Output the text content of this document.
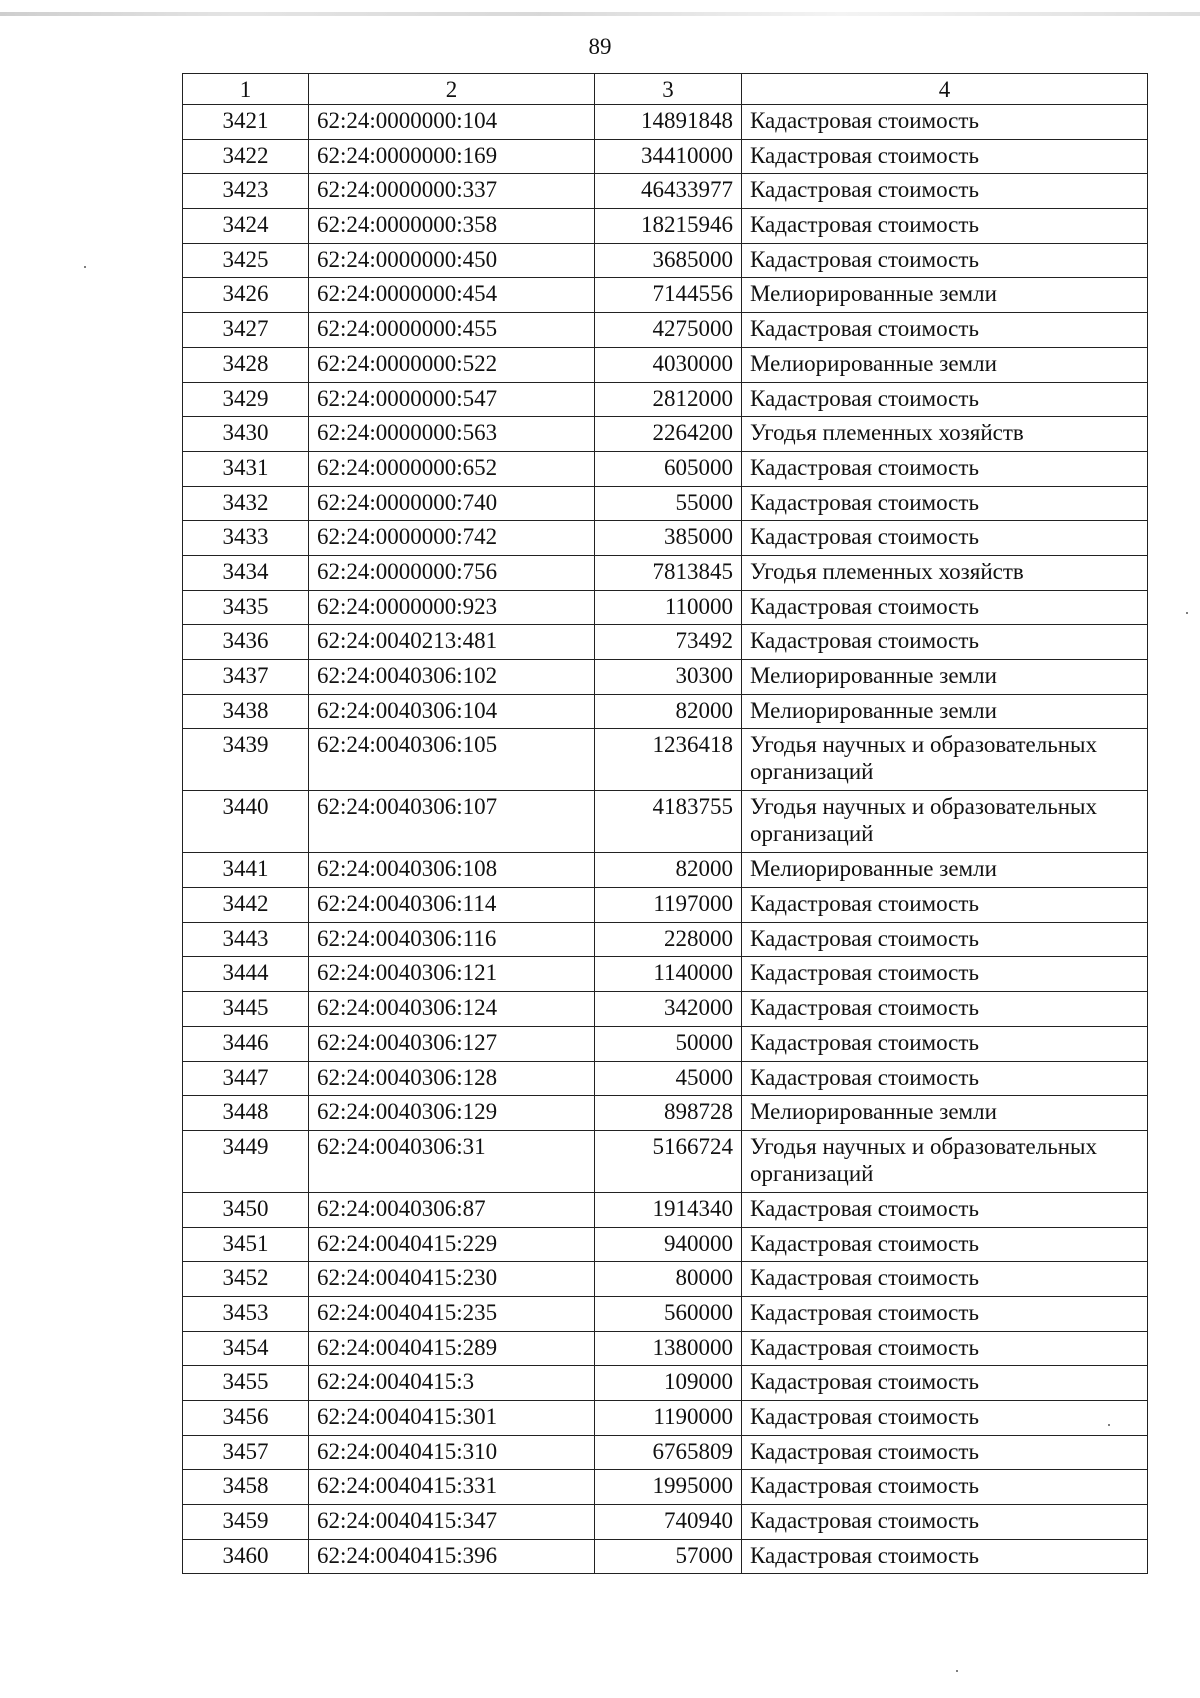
89
1	2	3	4
3421	62:24:0000000:104	14891848	Кадастровая стоимость
3422	62:24:0000000:169	34410000	Кадастровая стоимость
3423	62:24:0000000:337	46433977	Кадастровая стоимость
3424	62:24:0000000:358	18215946	Кадастровая стоимость
3425	62:24:0000000:450	3685000	Кадастровая стоимость
3426	62:24:0000000:454	7144556	Мелиорированные земли
3427	62:24:0000000:455	4275000	Кадастровая стоимость
3428	62:24:0000000:522	4030000	Мелиорированные земли
3429	62:24:0000000:547	2812000	Кадастровая стоимость
3430	62:24:0000000:563	2264200	Угодья племенных хозяйств
3431	62:24:0000000:652	605000	Кадастровая стоимость
3432	62:24:0000000:740	55000	Кадастровая стоимость
3433	62:24:0000000:742	385000	Кадастровая стоимость
3434	62:24:0000000:756	7813845	Угодья племенных хозяйств
3435	62:24:0000000:923	110000	Кадастровая стоимость
3436	62:24:0040213:481	73492	Кадастровая стоимость
3437	62:24:0040306:102	30300	Мелиорированные земли
3438	62:24:0040306:104	82000	Мелиорированные земли
3439	62:24:0040306:105	1236418	Угодья научных и образовательных организаций
3440	62:24:0040306:107	4183755	Угодья научных и образовательных организаций
3441	62:24:0040306:108	82000	Мелиорированные земли
3442	62:24:0040306:114	1197000	Кадастровая стоимость
3443	62:24:0040306:116	228000	Кадастровая стоимость
3444	62:24:0040306:121	1140000	Кадастровая стоимость
3445	62:24:0040306:124	342000	Кадастровая стоимость
3446	62:24:0040306:127	50000	Кадастровая стоимость
3447	62:24:0040306:128	45000	Кадастровая стоимость
3448	62:24:0040306:129	898728	Мелиорированные земли
3449	62:24:0040306:31	5166724	Угодья научных и образовательных организаций
3450	62:24:0040306:87	1914340	Кадастровая стоимость
3451	62:24:0040415:229	940000	Кадастровая стоимость
3452	62:24:0040415:230	80000	Кадастровая стоимость
3453	62:24:0040415:235	560000	Кадастровая стоимость
3454	62:24:0040415:289	1380000	Кадастровая стоимость
3455	62:24:0040415:3	109000	Кадастровая стоимость
3456	62:24:0040415:301	1190000	Кадастровая стоимость
3457	62:24:0040415:310	6765809	Кадастровая стоимость
3458	62:24:0040415:331	1995000	Кадастровая стоимость
3459	62:24:0040415:347	740940	Кадастровая стоимость
3460	62:24:0040415:396	57000	Кадастровая стоимость
